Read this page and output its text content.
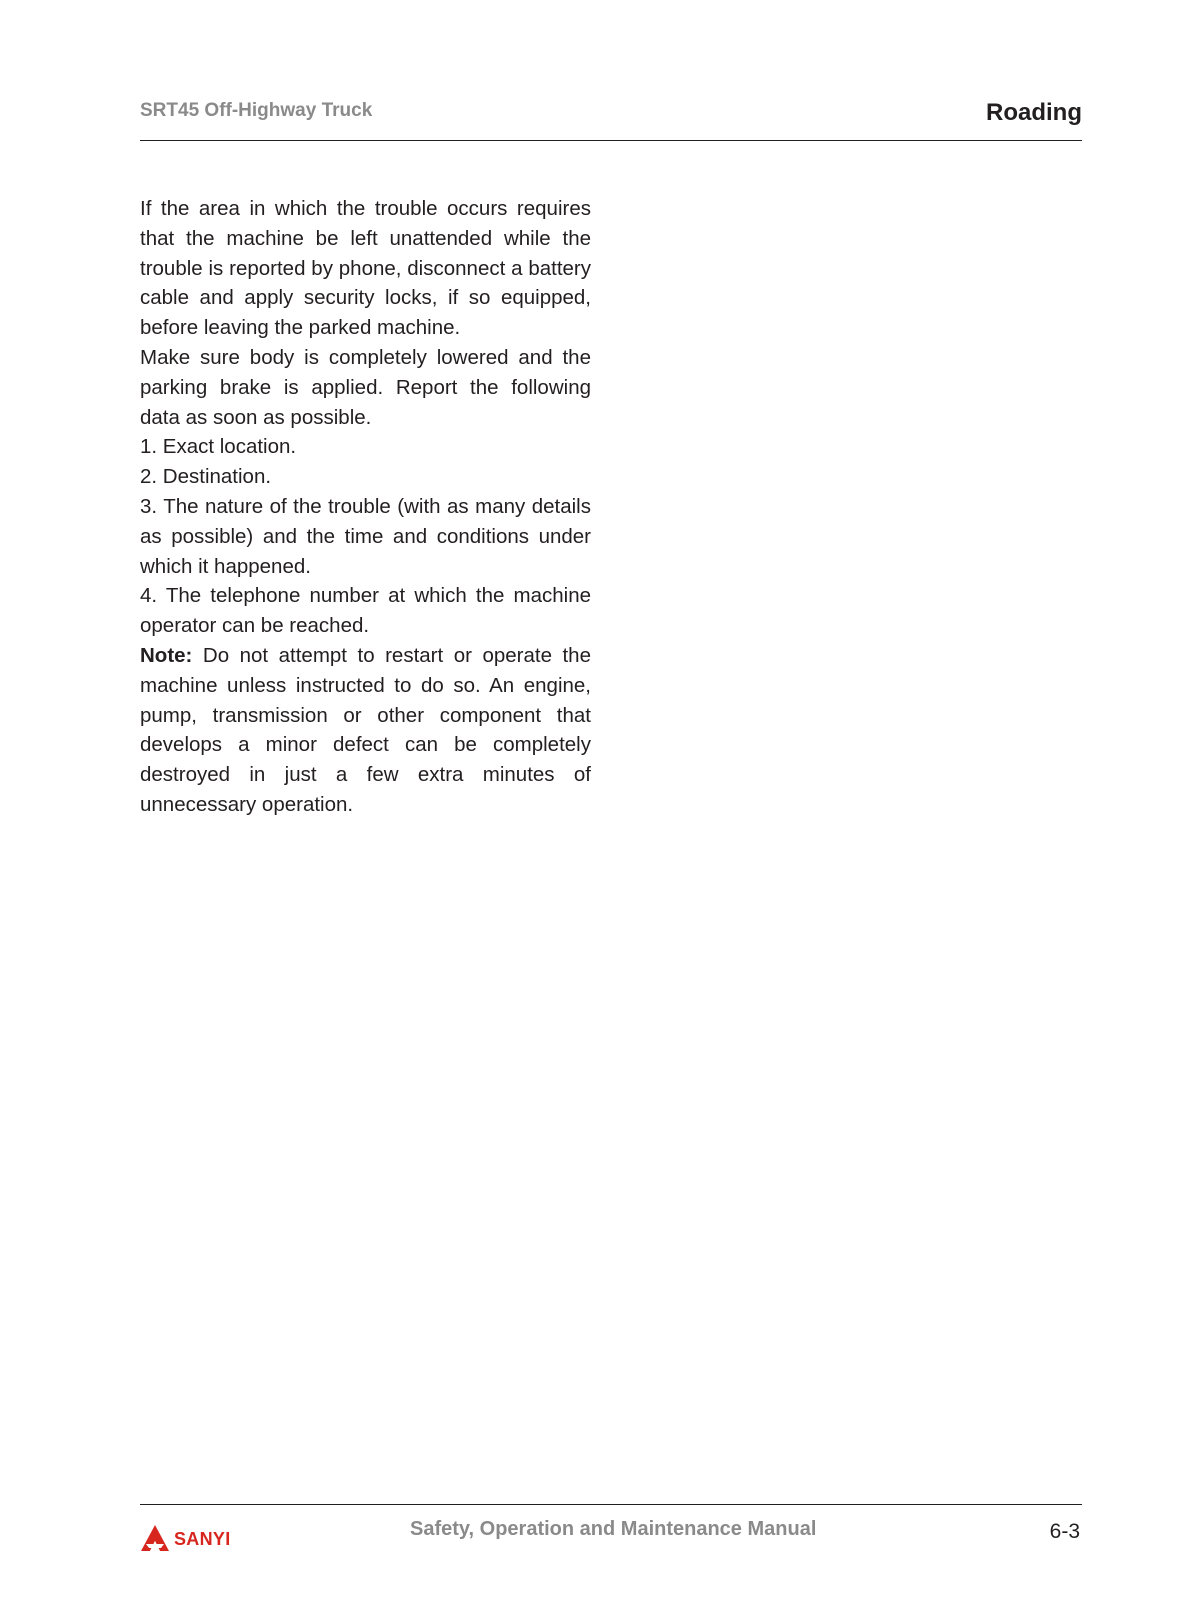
SRT45 Off-Highway Truck	Roading

If the area in which the trouble occurs requires that the machine be left unattended while the trouble is reported by phone, disconnect a battery cable and apply security locks, if so equipped, before leaving the parked machine.

Make sure body is completely lowered and the parking brake is applied. Report the following data as soon as possible.

1. Exact location.

2. Destination.

3. The nature of the trouble (with as many details as possible) and the time and conditions under which it happened.

4. The telephone number at which the machine operator can be reached.

Note: Do not attempt to restart or operate the machine unless instructed to do so. An engine, pump, transmission or other component that develops a minor defect can be completely destroyed in just a few extra minutes of unnecessary operation.

SANYI	Safety, Operation and Maintenance Manual	6-3
